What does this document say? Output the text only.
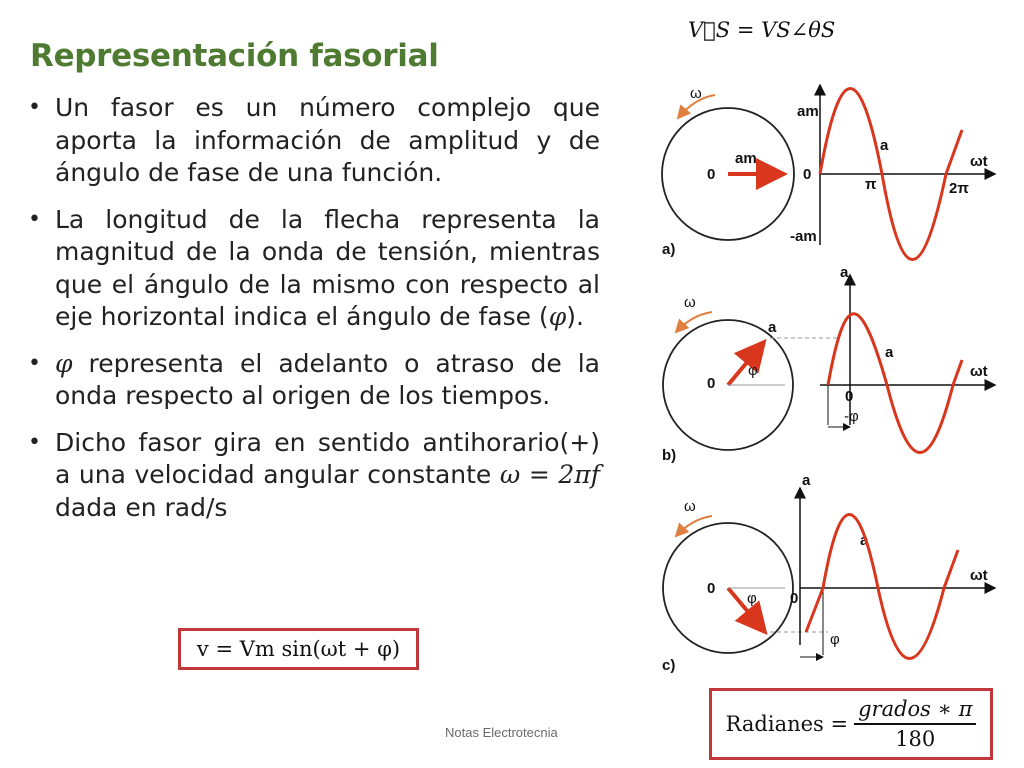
Representación fasorial
• Un fasor es un número complejo que aporta la información de amplitud y de ángulo de fase de una función.
• La longitud de la flecha representa la magnitud de la onda de tensión, mientras que el ángulo de la mismo con respecto al eje horizontal indica el ángulo de fase (φ).
• φ representa el adelanto o atraso de la onda respecto al origen de los tiempos.
• Dicho fasor gira en sentido antihorario(+) a una velocidad angular constante ω = 2πf dada en rad/s
V⃗S = VS∠θS
v = Vm sin(ωt + φ)
Radianes = $\frac{\text{grados ∗ π}}{180}$
Notas Electrotecnia
ω
0
am
am
-am
0
π	2π
ωt
a
a)
ω
0
φ
a
a
0
a
ωt
-φ
b)
ω
0
φ
a
0
a
ωt
φ
c)
